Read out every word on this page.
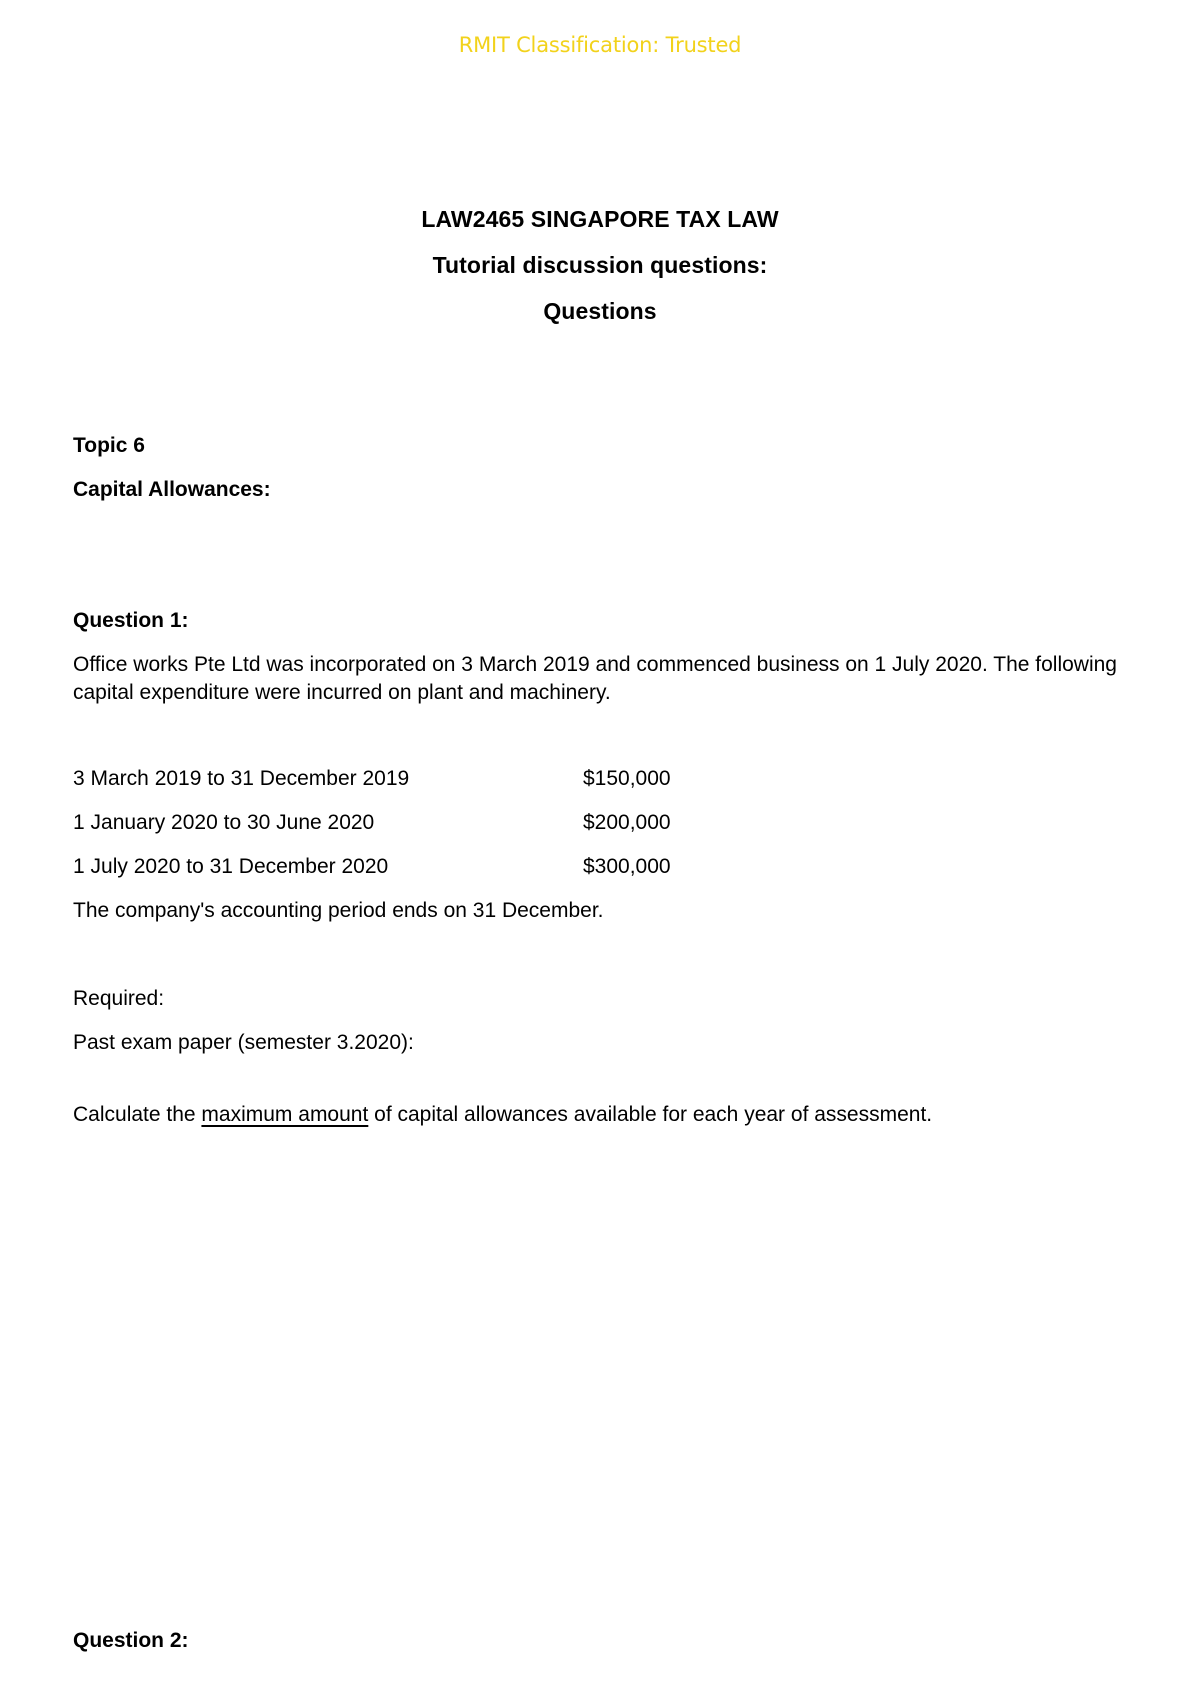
RMIT Classification: Trusted
LAW2465 SINGAPORE TAX LAW
Tutorial discussion questions:
Questions
Topic 6
Capital Allowances:
Question 1:
Office works Pte Ltd was incorporated on 3 March 2019 and commenced business on 1 July 2020. The following capital expenditure were incurred on plant and machinery.
3 March 2019 to 31 December 2019	$150,000
1 January 2020 to 30 June 2020	$200,000
1 July 2020 to 31 December 2020	$300,000
The company's accounting period ends on 31 December.
Required:
Past exam paper (semester 3.2020):
Calculate the maximum amount of capital allowances available for each year of assessment.
Question 2:
